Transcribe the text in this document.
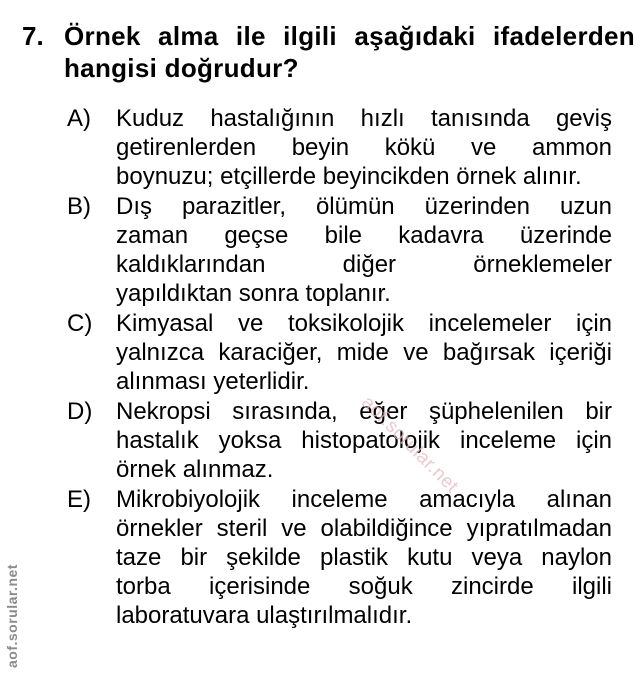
7. Örnek alma ile ilgili aşağıdaki ifadelerden
hangisi doğrudur?
A) Kuduz hastalığının hızlı tanısında geviş
getirenlerden beyin kökü ve ammon
boynuzu; etçillerde beyincikden örnek alınır.
B) Dış parazitler, ölümün üzerinden uzun
zaman geçse bile kadavra üzerinde
kaldıklarından diğer örneklemeler
yapıldıktan sonra toplanır.
C) Kimyasal ve toksikolojik incelemeler için
yalnızca karaciğer, mide ve bağırsak içeriği
alınması yeterlidir.
D) Nekropsi sırasında, eğer şüphelenilen bir
hastalık yoksa histopatolojik inceleme için
örnek alınmaz.
E) Mikrobiyolojik inceleme amacıyla alınan
örnekler steril ve olabildiğince yıpratılmadan
taze bir şekilde plastik kutu veya naylon
torba içerisinde soğuk zincirde ilgili
laboratuvara ulaştırılmalıdır.
aof.sorular.net
aof.sorular.net
